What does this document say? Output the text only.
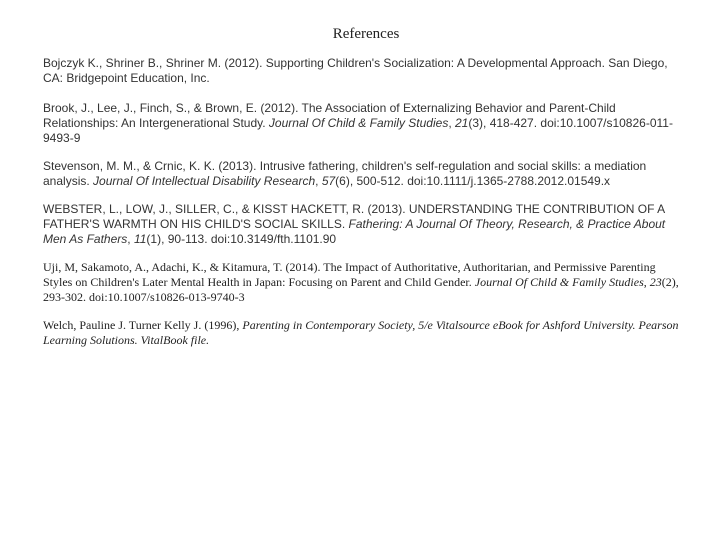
References
Bojczyk K., Shriner B., Shriner M. (2012). Supporting Children's Socialization: A Developmental Approach. San Diego, CA: Bridgepoint Education, Inc.
Brook, J., Lee, J., Finch, S., & Brown, E. (2012). The Association of Externalizing Behavior and Parent-Child Relationships: An Intergenerational Study. Journal Of Child & Family Studies, 21(3), 418-427. doi:10.1007/s10826-011-9493-9
Stevenson, M. M., & Crnic, K. K. (2013). Intrusive fathering, children's self-regulation and social skills: a mediation analysis. Journal Of Intellectual Disability Research, 57(6), 500-512. doi:10.1111/j.1365-2788.2012.01549.x
WEBSTER, L., LOW, J., SILLER, C., & KISST HACKETT, R. (2013). UNDERSTANDING THE CONTRIBUTION OF A FATHER'S WARMTH ON HIS CHILD'S SOCIAL SKILLS. Fathering: A Journal Of Theory, Research, & Practice About Men As Fathers, 11(1), 90-113. doi:10.3149/fth.1101.90
Uji, M, Sakamoto, A., Adachi, K., & Kitamura, T. (2014). The Impact of Authoritative, Authoritarian, and Permissive Parenting Styles on Children's Later Mental Health in Japan: Focusing on Parent and Child Gender. Journal Of Child & Family Studies, 23(2), 293-302. doi:10.1007/s10826-013-9740-3
Welch, Pauline J. Turner Kelly J. (1996), Parenting in Contemporary Society, 5/e Vitalsource eBook for Ashford University. Pearson Learning Solutions. VitalBook file.
